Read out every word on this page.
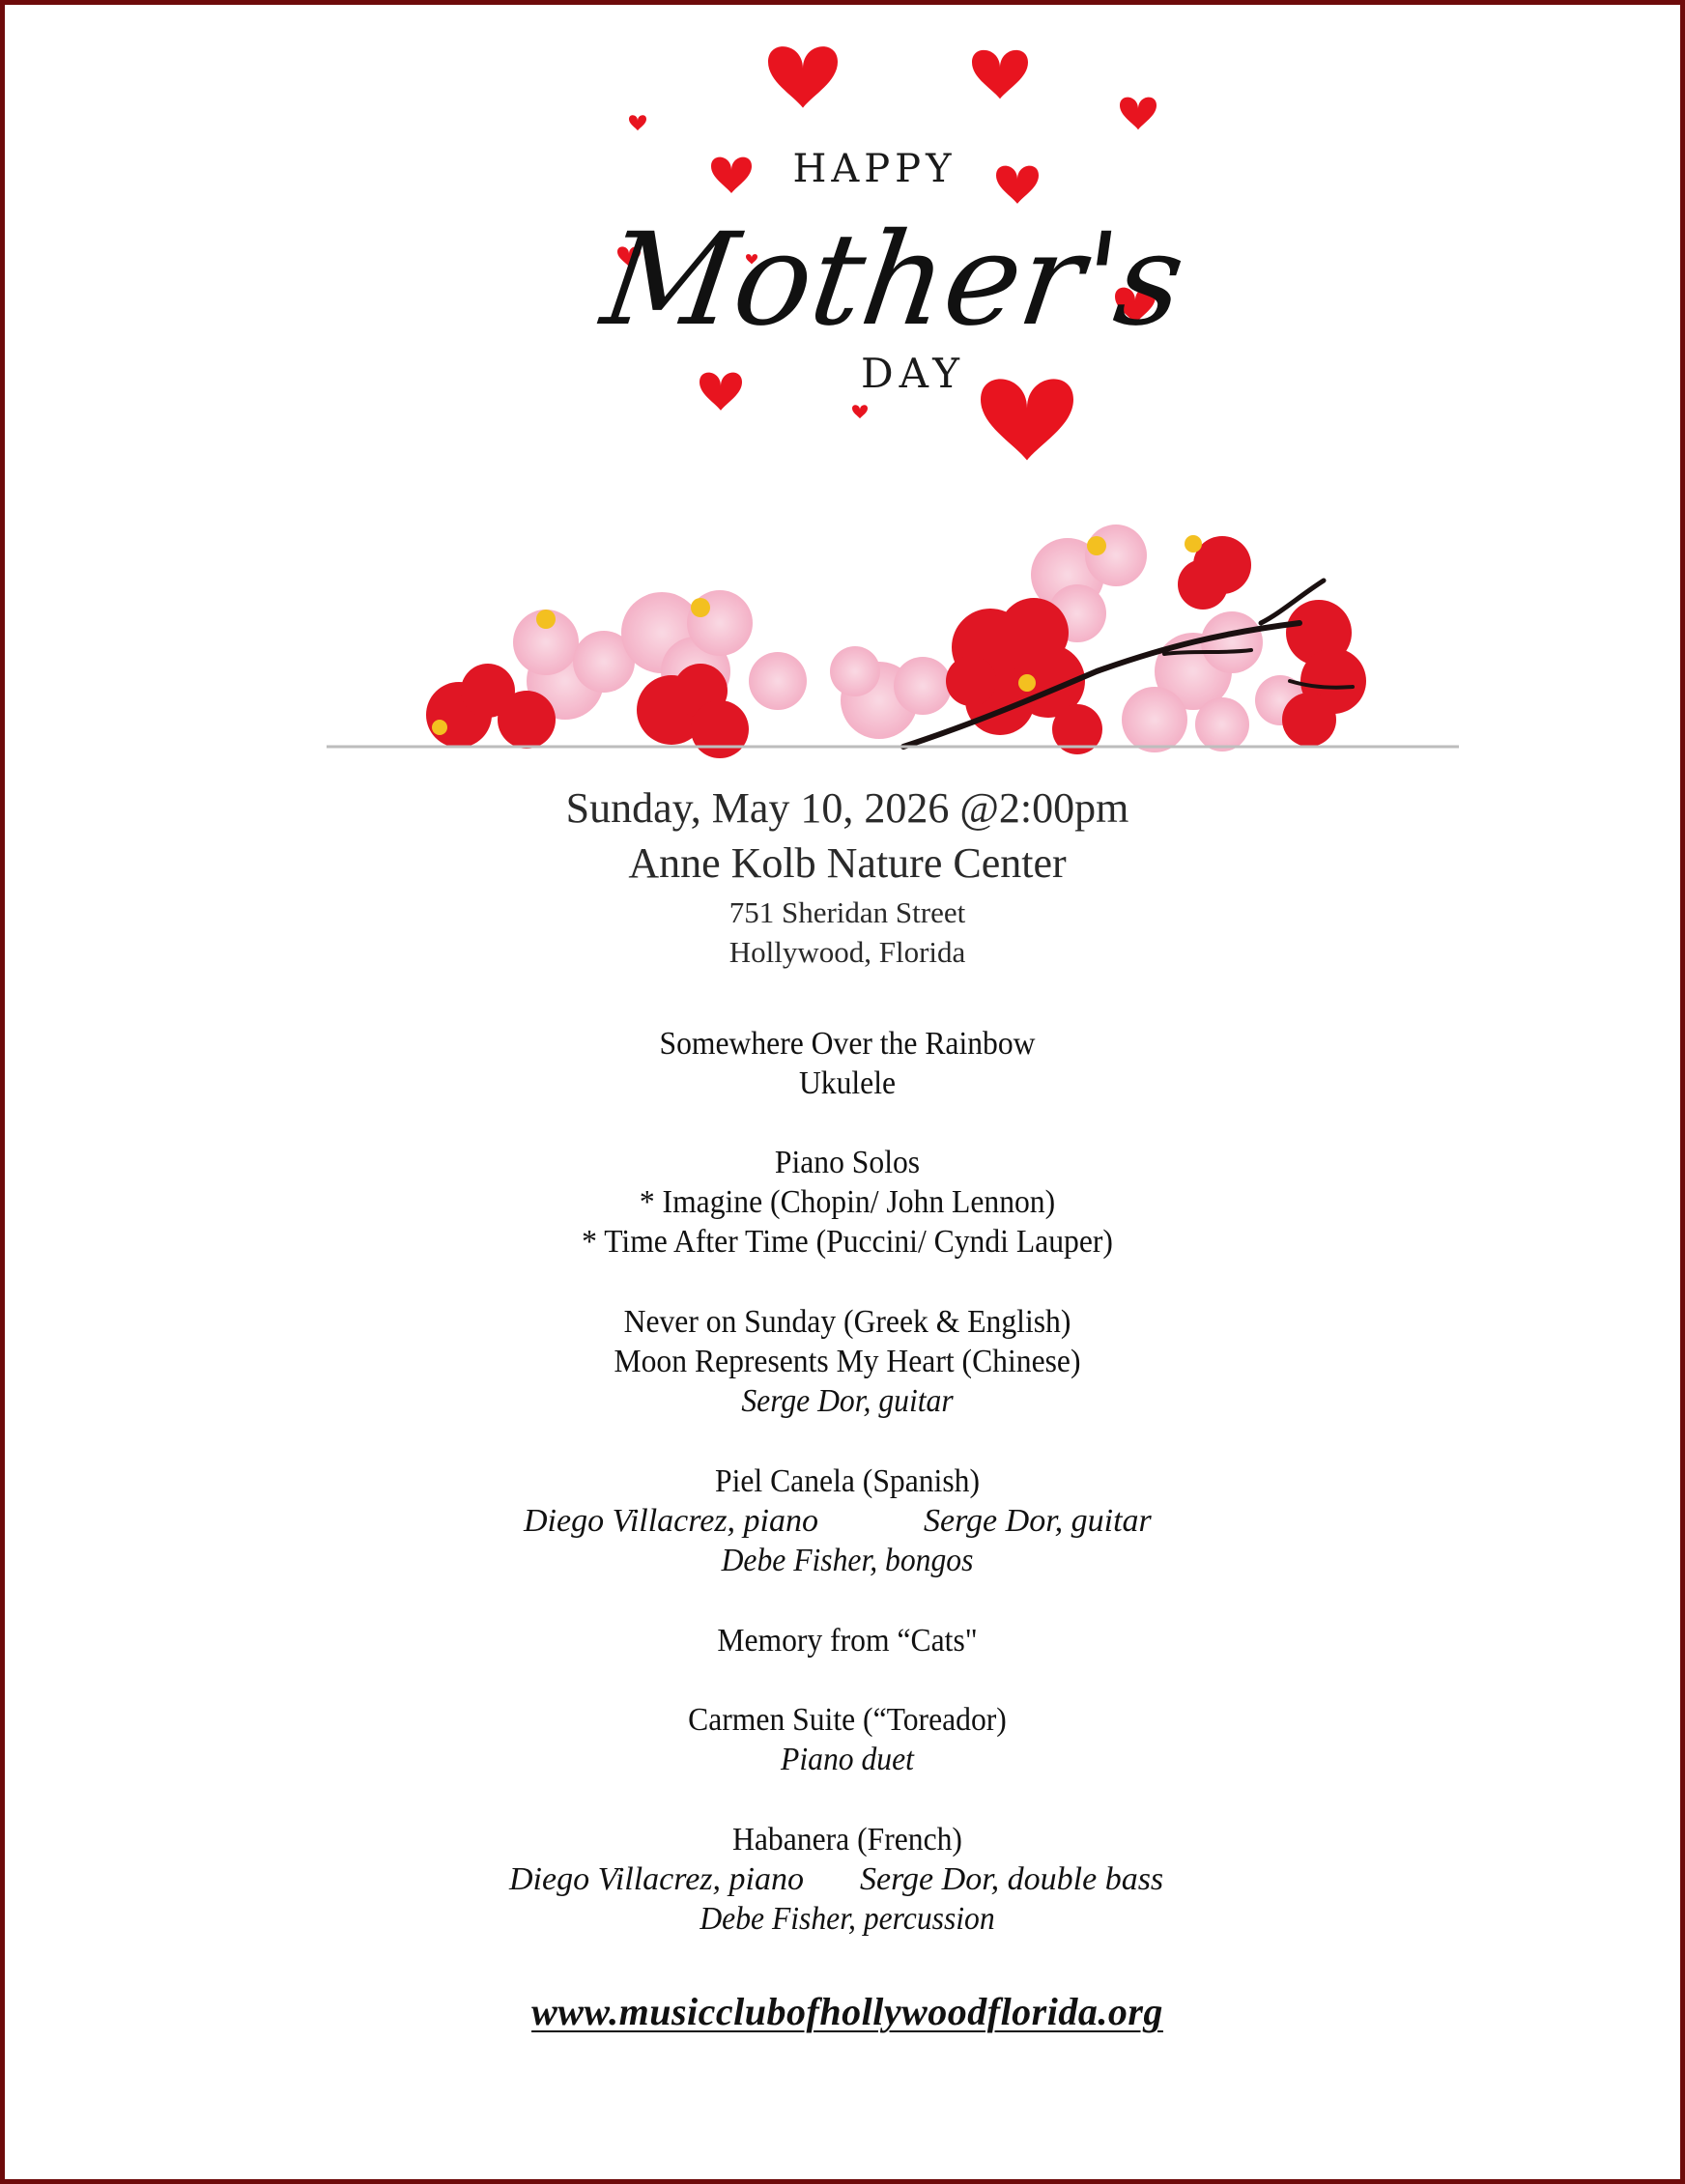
HAPPY
Mother's
DAY
Sunday, May 10, 2026 @2:00pm
Anne Kolb Nature Center
751 Sheridan Street
Hollywood, Florida
Somewhere Over the Rainbow
Ukulele
Piano Solos
* Imagine (Chopin/ John Lennon)
* Time After Time (Puccini/ Cyndi Lauper)
Never on Sunday (Greek & English)
Moon Represents My Heart (Chinese)
Serge Dor, guitar
Piel Canela (Spanish)
Diego Villacrez, piano	Serge Dor, guitar
Debe Fisher, bongos
Memory from “Cats"
Carmen Suite (“Toreador)
Piano duet
Habanera (French)
Diego Villacrez, piano Serge Dor, double bass
Debe Fisher, percussion
www.musicclubofhollywoodflorida.org
